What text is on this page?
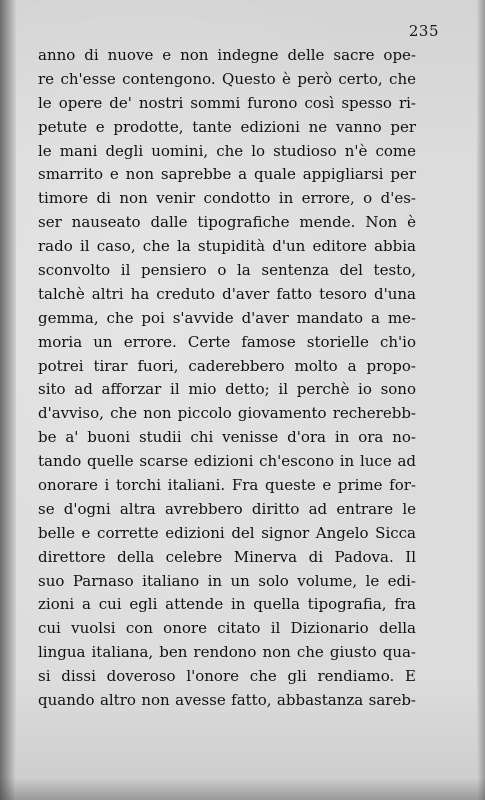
235
anno di nuove e non indegne delle sacre ope-
re ch'esse contengono. Questo è però certo, che
le opere de' nostri sommi furono così spesso ri-
petute e prodotte, tante edizioni ne vanno per
le mani degli uomini, che lo studioso n'è come
smarrito e non saprebbe a quale appigliarsi per
timore di non venir condotto in errore, o d'es-
ser nauseato dalle tipografiche mende. Non è
rado il caso, che la stupidità d'un editore abbia
sconvolto il pensiero o la sentenza del testo,
talchè altri ha creduto d'aver fatto tesoro d'una
gemma, che poi s'avvide d'aver mandato a me-
moria un errore. Certe famose storielle ch'io
potrei tirar fuori, caderebbero molto a propo-
sito ad afforzar il mio detto; il perchè io sono
d'avviso, che non piccolo giovamento recherebb-
be a' buoni studii chi venisse d'ora in ora no-
tando quelle scarse edizioni ch'escono in luce ad
onorare i torchi italiani. Fra queste e prime for-
se d'ogni altra avrebbero diritto ad entrare le
belle e corrette edizioni del signor Angelo Sicca
direttore della celebre Minerva di Padova. Il
suo Parnaso italiano in un solo volume, le edi-
zioni a cui egli attende in quella tipografia, fra
cui vuolsi con onore citato il Dizionario della
lingua italiana, ben rendono non che giusto qua-
si dissi doveroso l'onore che gli rendiamo. E
quando altro non avesse fatto, abbastanza sareb-
